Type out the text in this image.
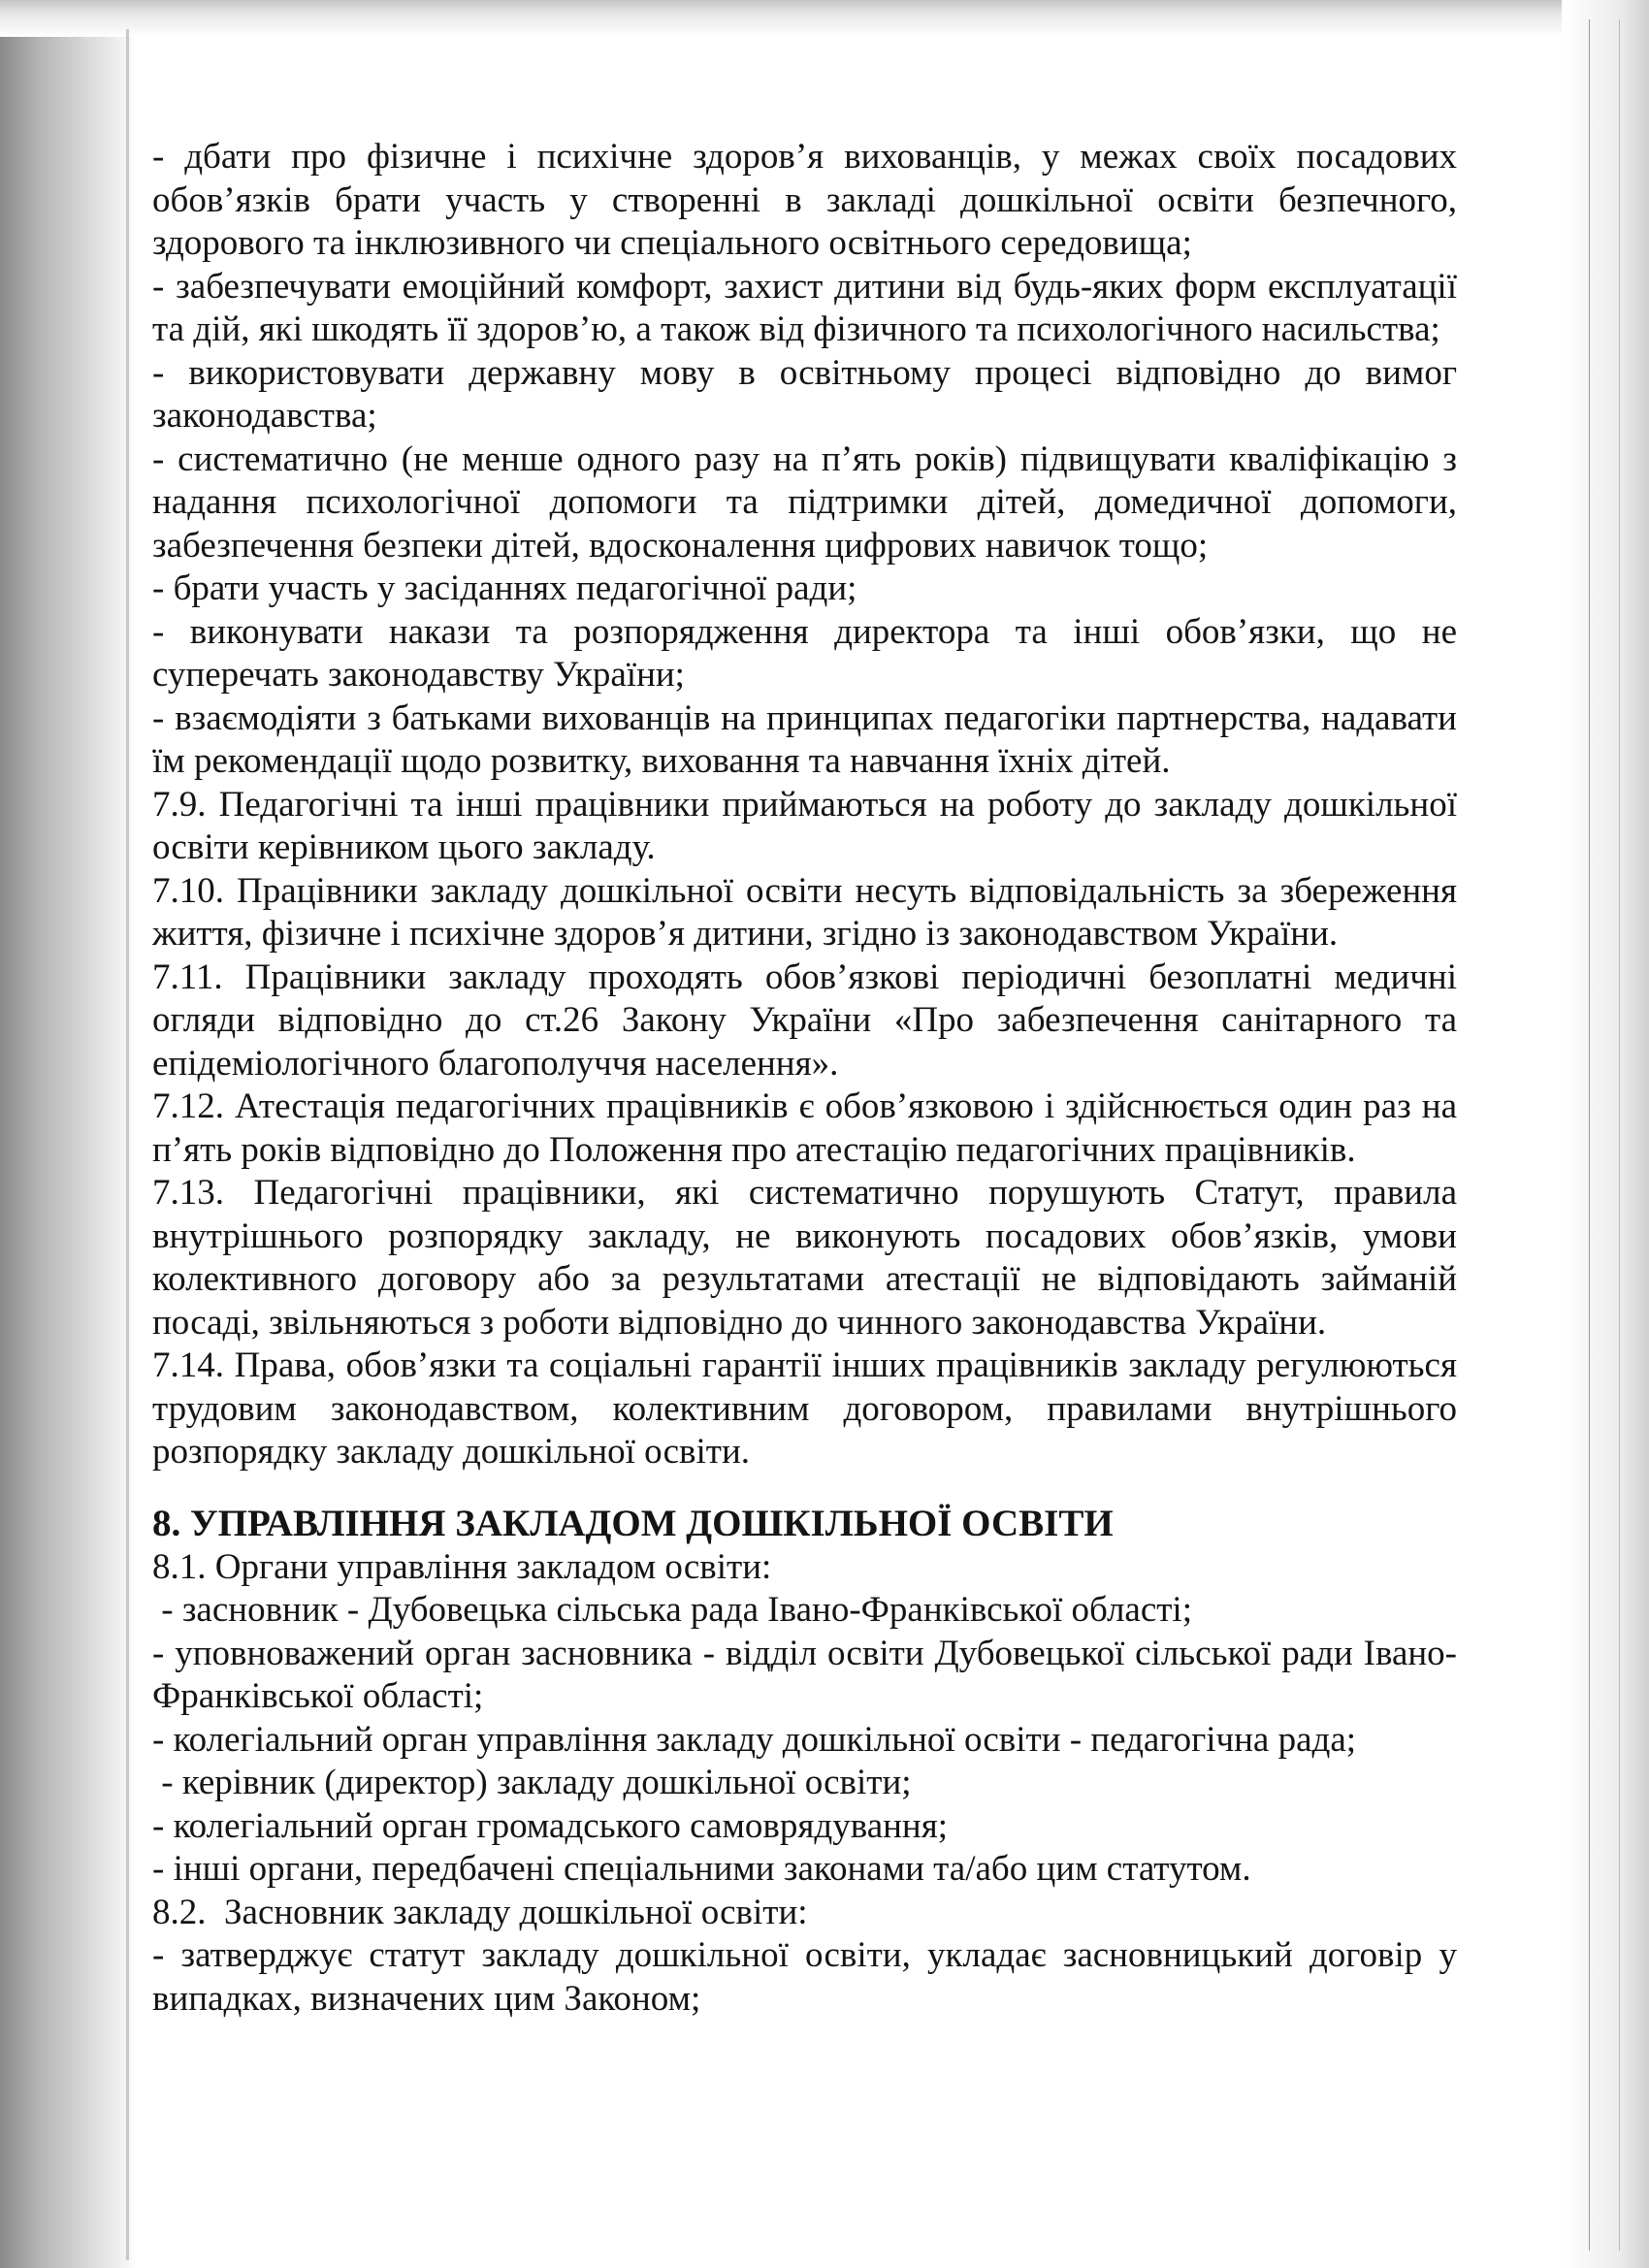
- дбати про фізичне і психічне здоров’я вихованців, у межах своїх посадових обов’язків брати участь у створенні в закладі дошкільної освіти безпечного, здорового та інклюзивного чи спеціального освітнього середовища;

- забезпечувати емоційний комфорт, захист дитини від будь-яких форм експлуатації та дій, які шкодять її здоров’ю, а також від фізичного та психологічного насильства;

- використовувати державну мову в освітньому процесі відповідно до вимог законодавства;

- систематично (не менше одного разу на п’ять років) підвищувати кваліфікацію з надання психологічної допомоги та підтримки дітей, домедичної допомоги, забезпечення безпеки дітей, вдосконалення цифрових навичок тощо;

- брати участь у засіданнях педагогічної ради;

- виконувати накази та розпорядження директора та інші обов’язки, що не суперечать законодавству України;

- взаємодіяти з батьками вихованців на принципах педагогіки партнерства, надавати їм рекомендації щодо розвитку, виховання та навчання їхніх дітей.

7.9. Педагогічні та інші працівники приймаються на роботу до закладу дошкільної освіти керівником цього закладу.

7.10. Працівники закладу дошкільної освіти несуть відповідальність за збереження життя, фізичне і психічне здоров’я дитини, згідно із законодавством України.

7.11. Працівники закладу проходять обов’язкові періодичні безоплатні медичні огляди відповідно до ст.26 Закону України «Про забезпечення санітарного та епідеміологічного благополуччя населення».

7.12. Атестація педагогічних працівників є обов’язковою і здійснюється один раз на п’ять років відповідно до Положення про атестацію педагогічних працівників.

7.13. Педагогічні працівники, які систематично порушують Статут, правила внутрішнього розпорядку закладу, не виконують посадових обов’язків, умови колективного договору або за результатами атестації не відповідають займаній посаді, звільняються з роботи відповідно до чинного законодавства України.

7.14. Права, обов’язки та соціальні гарантії інших працівників закладу регулюються трудовим законодавством, колективним договором, правилами внутрішнього розпорядку закладу дошкільної освіти.

8. УПРАВЛІННЯ ЗАКЛАДОМ ДОШКІЛЬНОЇ ОСВІТИ

8.1. Органи управління закладом освіти:

- засновник - Дубовецька сільська рада Івано-Франківської області;

- уповноважений орган засновника - відділ освіти Дубовецької сільської ради Івано-Франківської області;

- колегіальний орган управління закладу дошкільної освіти - педагогічна рада;

- керівник (директор) закладу дошкільної освіти;

- колегіальний орган громадського самоврядування;

- інші органи, передбачені спеціальними законами та/або цим статутом.

8.2.  Засновник закладу дошкільної освіти:

- затверджує статут закладу дошкільної освіти, укладає засновницький договір у випадках, визначених цим Законом;
